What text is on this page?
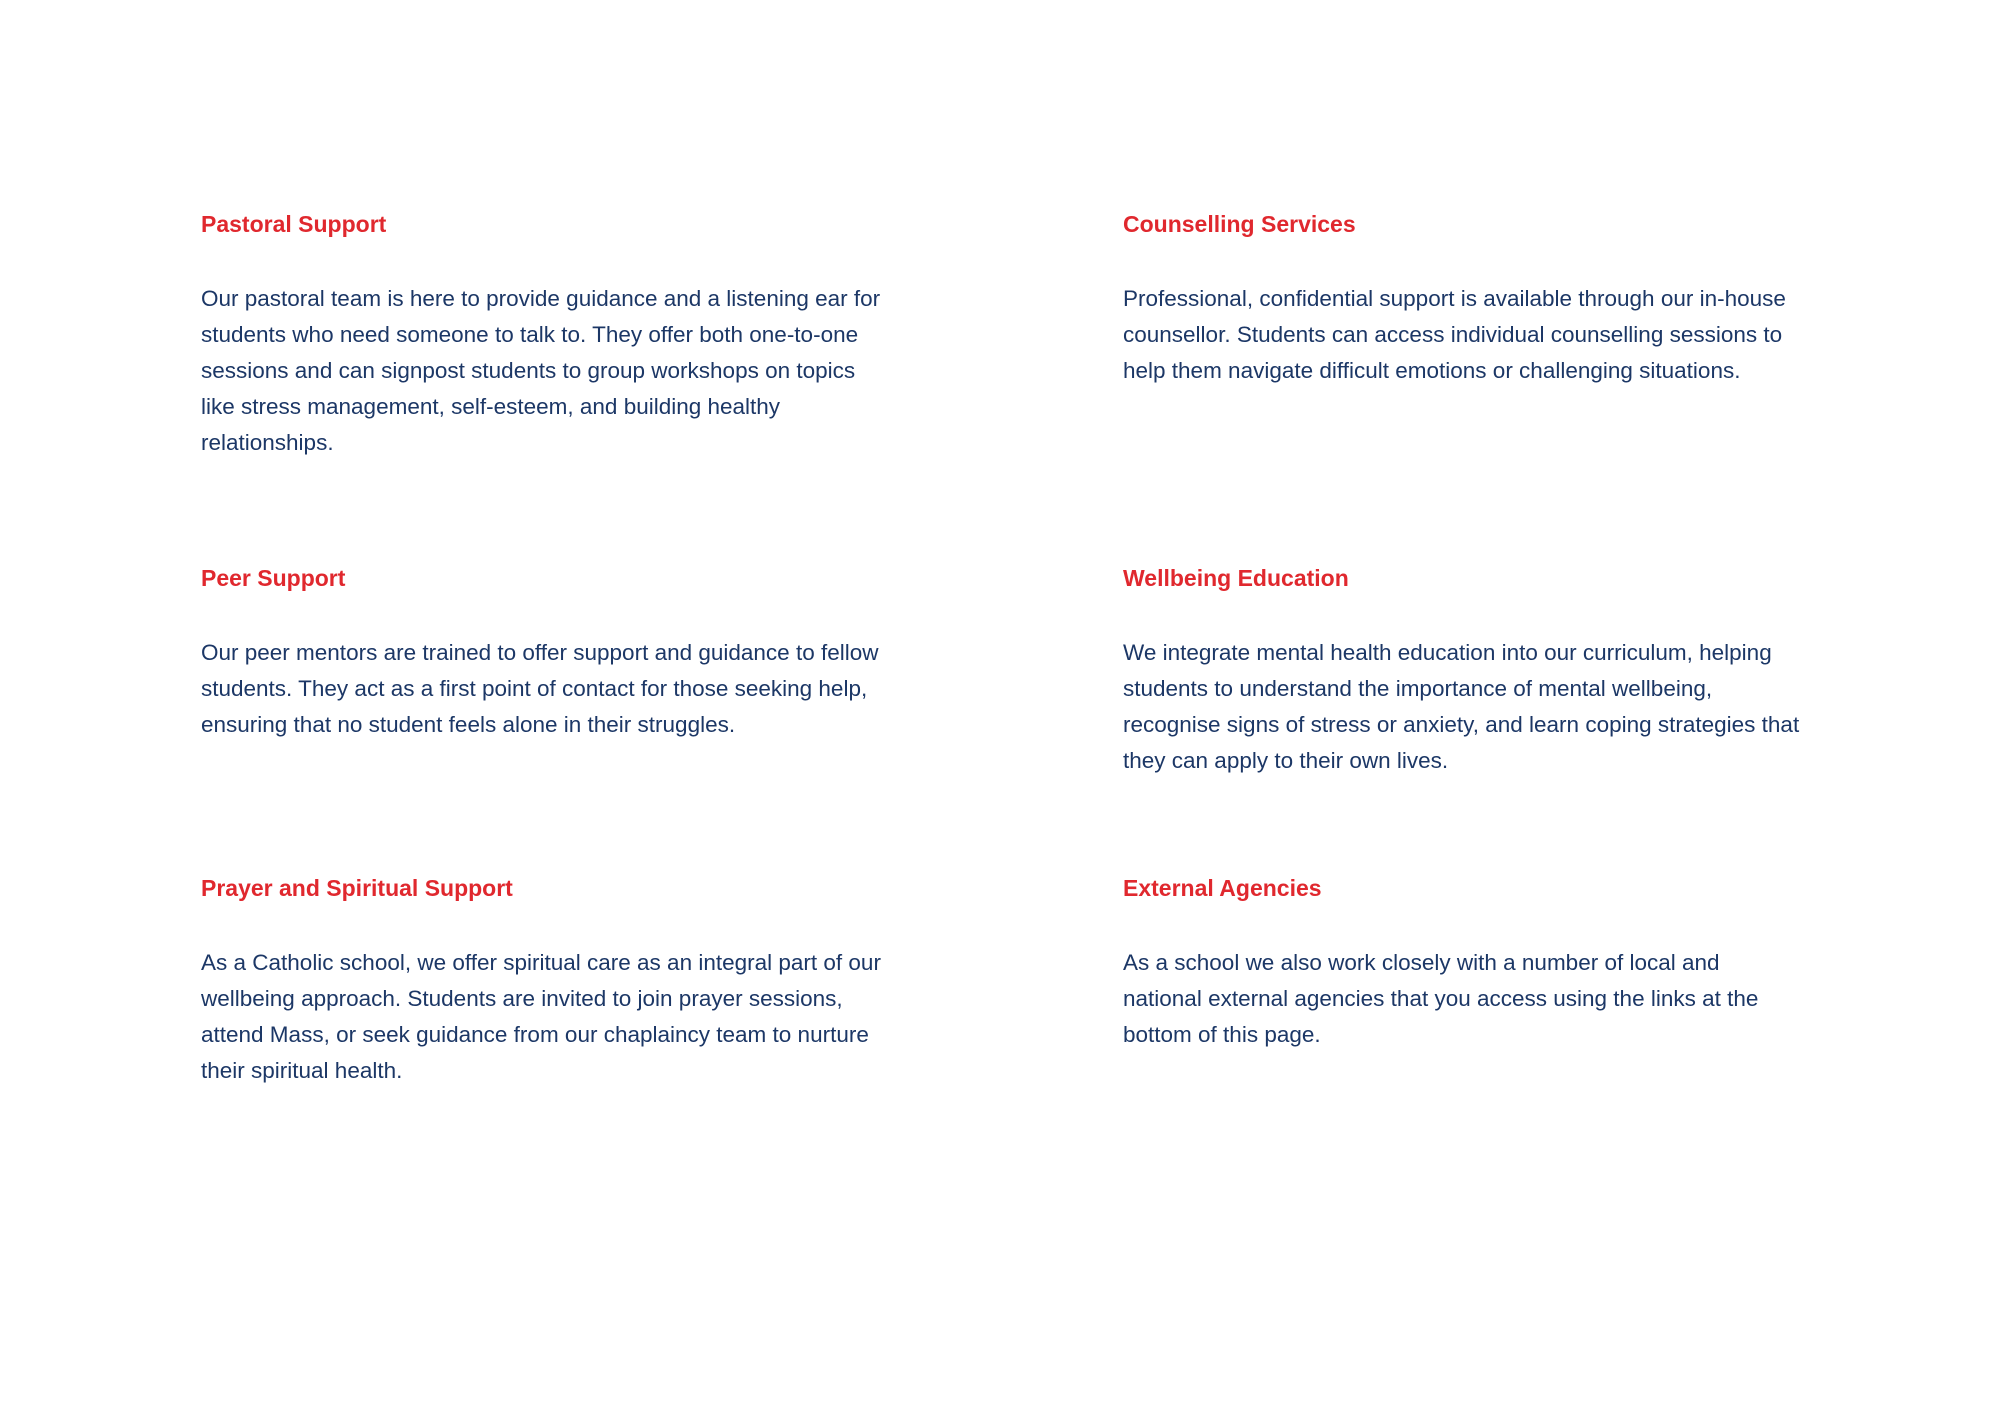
Pastoral Support

Our pastoral team is here to provide guidance and a listening ear for students who need someone to talk to. They offer both one-to-one sessions and can signpost students to group workshops on topics like stress management, self-esteem, and building healthy relationships.

Counselling Services

Professional, confidential support is available through our in-house counsellor. Students can access individual counselling sessions to help them navigate difficult emotions or challenging situations.

Peer Support

Our peer mentors are trained to offer support and guidance to fellow students. They act as a first point of contact for those seeking help, ensuring that no student feels alone in their struggles.

Wellbeing Education

We integrate mental health education into our curriculum, helping students to understand the importance of mental wellbeing, recognise signs of stress or anxiety, and learn coping strategies that they can apply to their own lives.

Prayer and Spiritual Support

As a Catholic school, we offer spiritual care as an integral part of our wellbeing approach. Students are invited to join prayer sessions, attend Mass, or seek guidance from our chaplaincy team to nurture their spiritual health.

External Agencies

As a school we also work closely with a number of local and national external agencies that you access using the links at the bottom of this page.
